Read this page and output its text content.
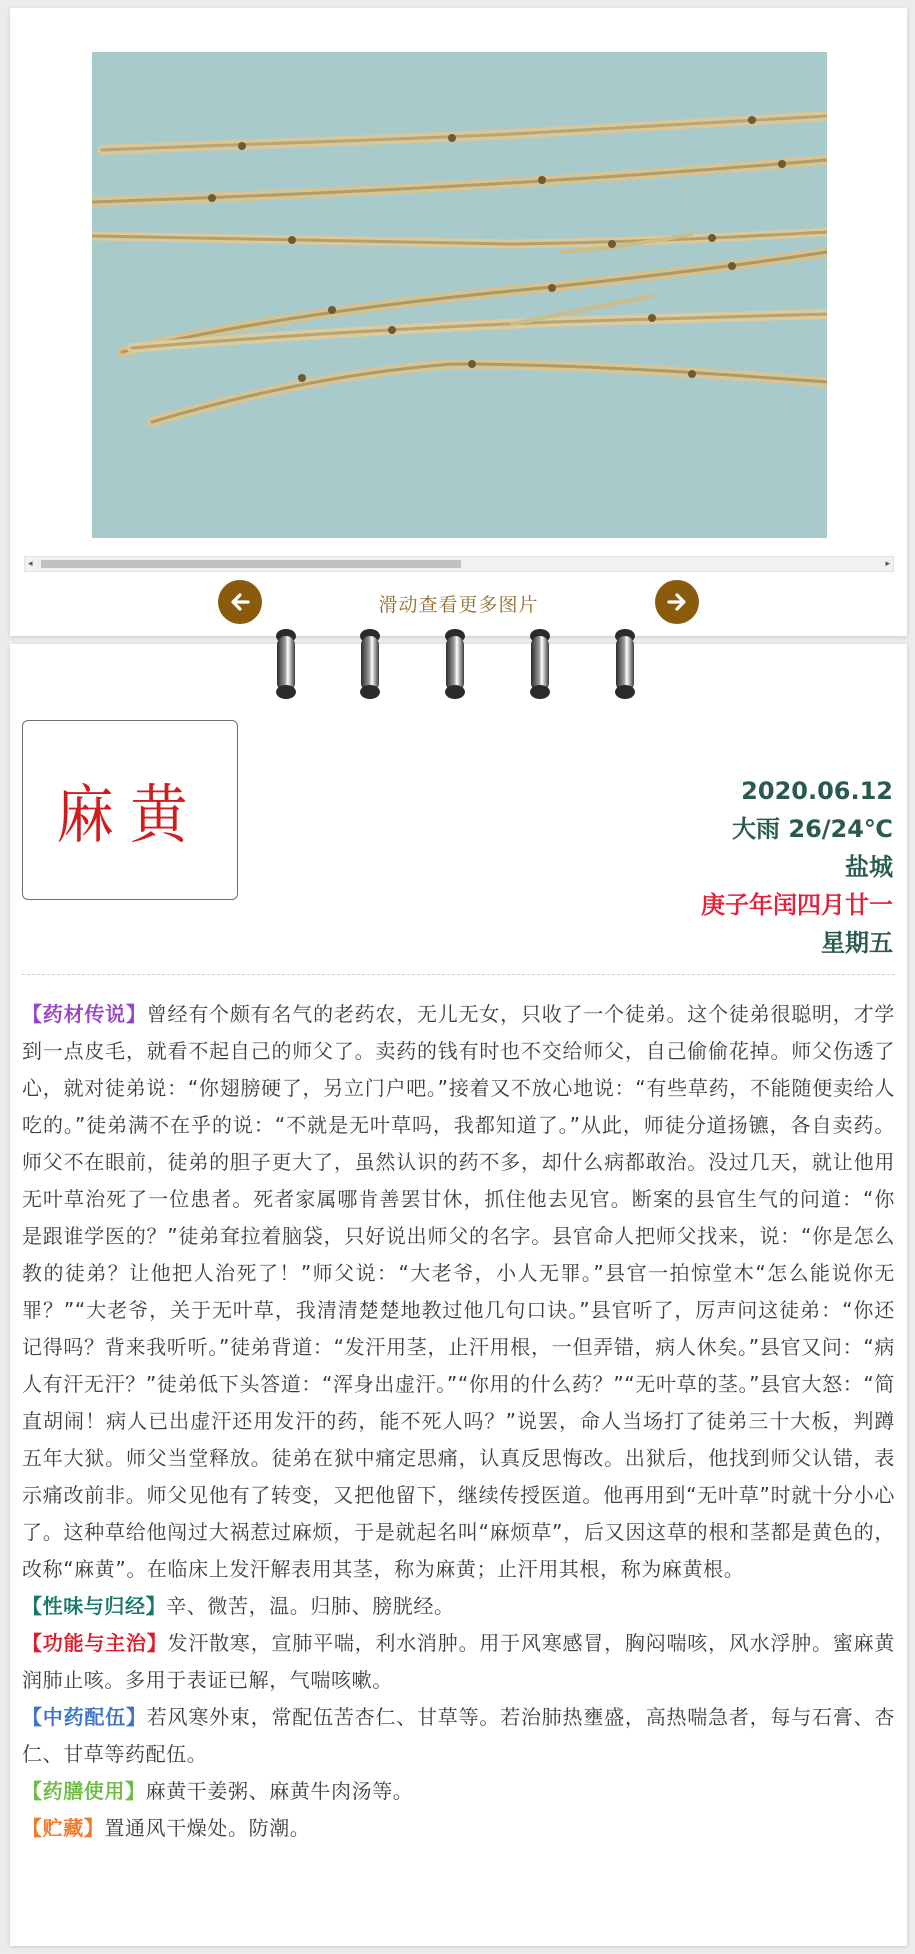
◂	▸
滑动查看更多图片
麻黄	2020.06.12
大雨 26/24℃
盐城
庚子年闰四月廿一
星期五

【药材传说】曾经有个颇有名气的老药农，无儿无女，只收了一个徒弟。这个徒弟很聪明，才学到一点皮毛，就看不起自己的师父了。卖药的钱有时也不交给师父，自己偷偷花掉。师父伤透了心，就对徒弟说：“你翅膀硬了，另立门户吧。”接着又不放心地说：“有些草药，不能随便卖给人吃的。”徒弟满不在乎的说：“不就是无叶草吗，我都知道了。”从此，师徒分道扬镳，各自卖药。师父不在眼前，徒弟的胆子更大了，虽然认识的药不多，却什么病都敢治。没过几天，就让他用无叶草治死了一位患者。死者家属哪肯善罢甘休，抓住他去见官。断案的县官生气的问道：“你是跟谁学医的？”徒弟耷拉着脑袋，只好说出师父的名字。县官命人把师父找来，说：“你是怎么教的徒弟？让他把人治死了！”师父说：“大老爷，小人无罪。”县官一拍惊堂木“怎么能说你无罪？”“大老爷，关于无叶草，我清清楚楚地教过他几句口诀。”县官听了，厉声问这徒弟：“你还记得吗？背来我听听。”徒弟背道：“发汗用茎，止汗用根，一但弄错，病人休矣。”县官又问：“病人有汗无汗？”徒弟低下头答道：“浑身出虚汗。”“你用的什么药？”“无叶草的茎。”县官大怒：“简直胡闹！病人已出虚汗还用发汗的药，能不死人吗？”说罢，命人当场打了徒弟三十大板，判蹲五年大狱。师父当堂释放。徒弟在狱中痛定思痛，认真反思悔改。出狱后，他找到师父认错，表示痛改前非。师父见他有了转变，又把他留下，继续传授医道。他再用到“无叶草”时就十分小心了。这种草给他闯过大祸惹过麻烦，于是就起名叫“麻烦草”，后又因这草的根和茎都是黄色的，改称“麻黄”。在临床上发汗解表用其茎，称为麻黄；止汗用其根，称为麻黄根。

【性味与归经】辛、微苦，温。归肺、膀胱经。

【功能与主治】发汗散寒，宣肺平喘，利水消肿。用于风寒感冒，胸闷喘咳，风水浮肿。蜜麻黄润肺止咳。多用于表证已解，气喘咳嗽。

【中药配伍】若风寒外束，常配伍苦杏仁、甘草等。若治肺热壅盛，高热喘急者，每与石膏、杏仁、甘草等药配伍。

【药膳使用】麻黄干姜粥、麻黄牛肉汤等。

【贮藏】置通风干燥处。防潮。
